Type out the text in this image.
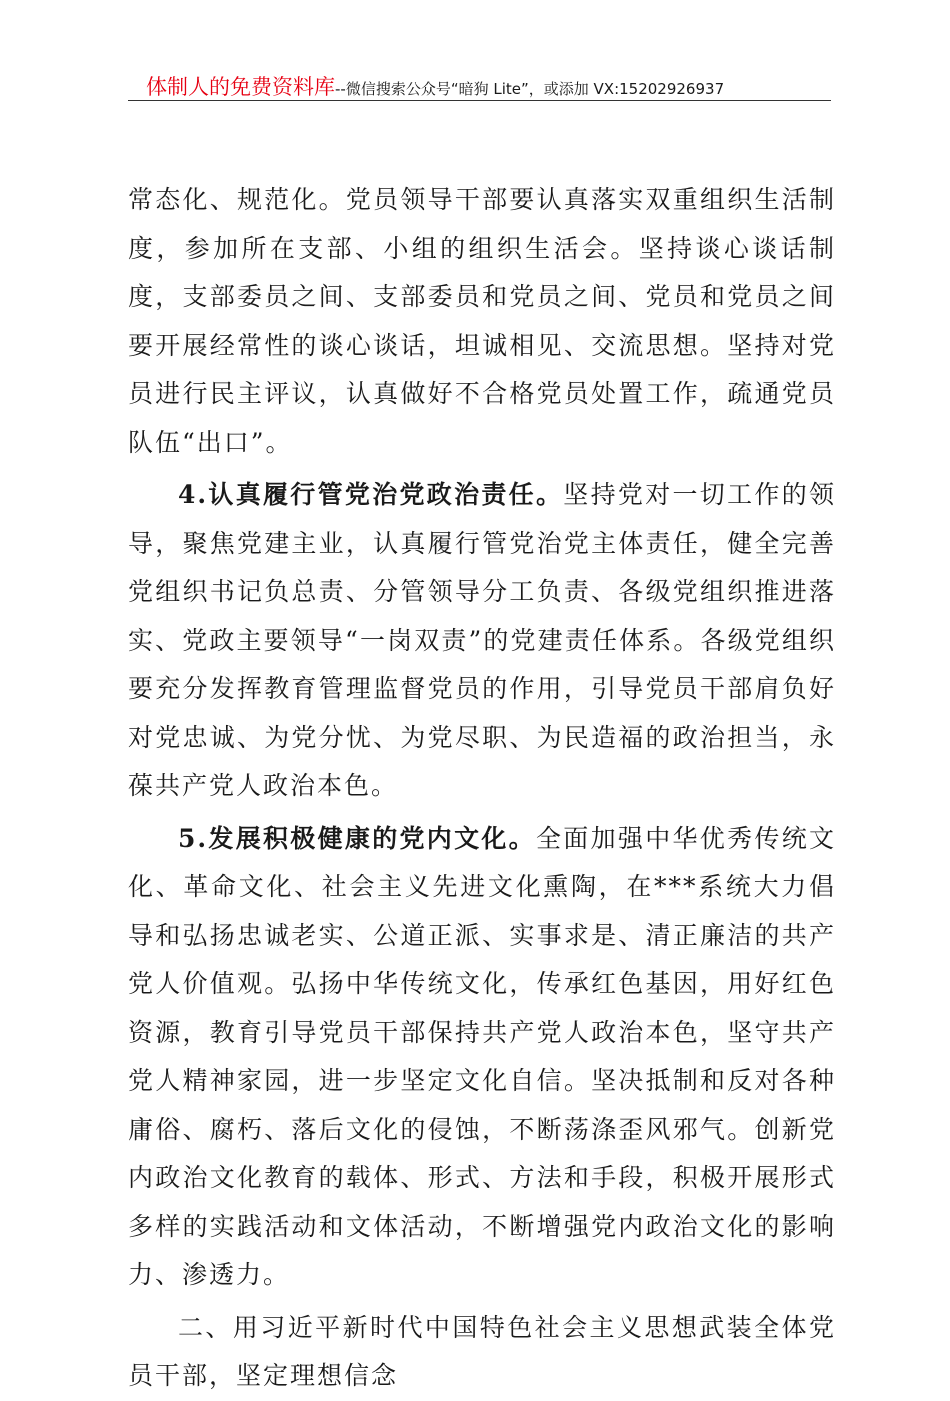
体制人的免费资料库--微信搜索公众号“暗狗 Lite”，或添加 VX:15202926937

常态化、规范化。党员领导干部要认真落实双重组织生活制度，参加所在支部、小组的组织生活会。坚持谈心谈话制度，支部委员之间、支部委员和党员之间、党员和党员之间要开展经常性的谈心谈话，坦诚相见、交流思想。坚持对党员进行民主评议，认真做好不合格党员处置工作，疏通党员队伍“出口”。

4.认真履行管党治党政治责任。坚持党对一切工作的领导，聚焦党建主业，认真履行管党治党主体责任，健全完善党组织书记负总责、分管领导分工负责、各级党组织推进落实、党政主要领导“一岗双责”的党建责任体系。各级党组织要充分发挥教育管理监督党员的作用，引导党员干部肩负好对党忠诚、为党分忧、为党尽职、为民造福的政治担当，永葆共产党人政治本色。

5.发展积极健康的党内文化。全面加强中华优秀传统文化、革命文化、社会主义先进文化熏陶，在***系统大力倡导和弘扬忠诚老实、公道正派、实事求是、清正廉洁的共产党人价值观。弘扬中华传统文化，传承红色基因，用好红色资源，教育引导党员干部保持共产党人政治本色，坚守共产党人精神家园，进一步坚定文化自信。坚决抵制和反对各种庸俗、腐朽、落后文化的侵蚀，不断荡涤歪风邪气。创新党内政治文化教育的载体、形式、方法和手段，积极开展形式多样的实践活动和文体活动，不断增强党内政治文化的影响力、渗透力。

二、用习近平新时代中国特色社会主义思想武装全体党员干部，坚定理想信念
